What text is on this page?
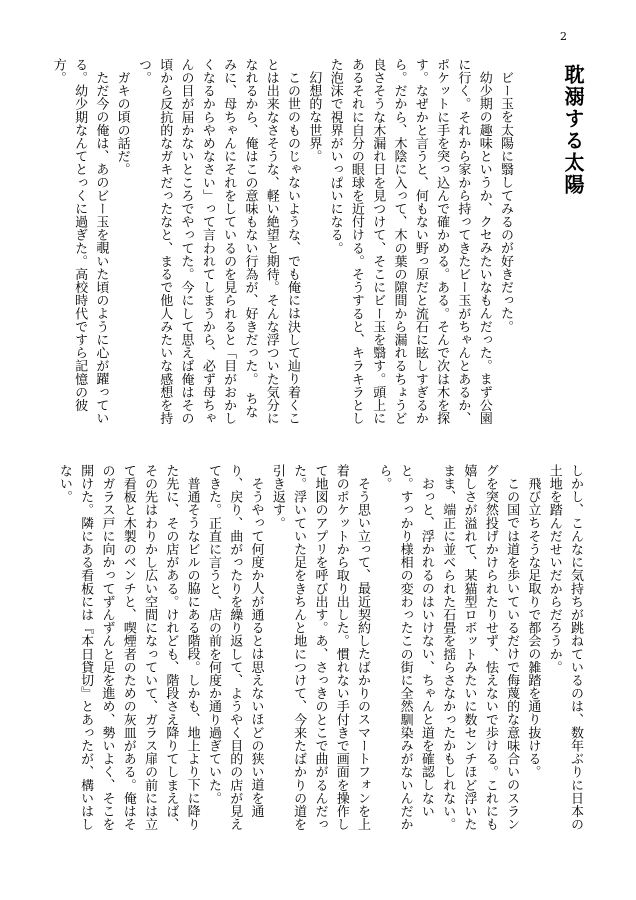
2
耽溺する太陽

ビー玉を太陽に翳してみるのが好きだった。

幼少期の趣味というか、クセみたいなもんだった。まず公園に行く。それから家から持ってきたビー玉がちゃんとあるか、ポケットに手を突っ込んで確かめる。ある。そんで次は木を探す。なぜかと言うと、何もない野っ原だと流石に眩しすぎるから。だから、木陰に入って、木の葉の隙間から漏れるちょうど良さそうな木漏れ日を見つけて、そこにビー玉を翳す。頭上にあるそれに自分の眼球を近付ける。そうすると、キラキラとした泡沫で視界がいっぱいになる。

幻想的な世界。

この世のものじゃないような、でも俺には決して辿り着くことは出来なさそうな、軽い絶望と期待。そんな浮ついた気分になれるから、俺はこの意味もない行為が、好きだった。　ちなみに、母ちゃんにそれをしているのを見られると「目がおかしくなるからやめなさい」って言われてしまうから、必ず母ちゃんの目が届かないところでやってた。今にして思えば俺はその頃から反抗的なガキだったなと、まるで他人みたいな感想を持つ。

ガキの頃の話だ。

ただ今の俺は、あのビー玉を覗いた頃のように心が躍っている。幼少期なんてとっくに過ぎた。高校時代ですら記憶の彼方。

しかし、こんなに気持ちが跳ねているのは、数年ぶりに日本の土地を踏んだせいだからだろうか。

飛び立ちそうな足取りで都会の雑踏を通り抜ける。

この国では道を歩いているだけで侮蔑的な意味合いのスラングを突然投げかけられたりせず、怯えないで歩ける。これにも嬉しさが溢れて、某猫型ロボットみたいに数センチほど浮いたまま、端正に並べられた石畳を揺らさなかったかもしれない。

おっと、浮かれるのはいけない、ちゃんと道を確認しないと。すっかり様相の変わったこの街に全然馴染みがないんだから。

そう思い立って、最近契約したばかりのスマートフォンを上着のポケットから取り出した。慣れない手付きで画面を操作して地図のアプリを呼び出す。あ、さっきのとこで曲がるんだった。浮いていた足をきちんと地につけて、今来たばかりの道を引き返す。

そうやって何度か人が通るとは思えないほどの狭い道を通り、戻り、曲がったりを繰り返して、ようやく目的の店が見えてきた。正直に言うと、店の前を何度か通り過ぎていた。

普通そうなビルの脇にある階段。しかも、地上より下に降りた先に、その店がある。けれども、階段さえ降りてしまえば、その先はわりかし広い空間になっていて、ガラス扉の前には立て看板と木製のベンチと、喫煙者のための灰皿がある。俺はそのガラス戸に向かってずんずんと足を進め、勢いよく、そこを開けた。隣にある看板には『本日貸切』とあったが、構いはしない。
